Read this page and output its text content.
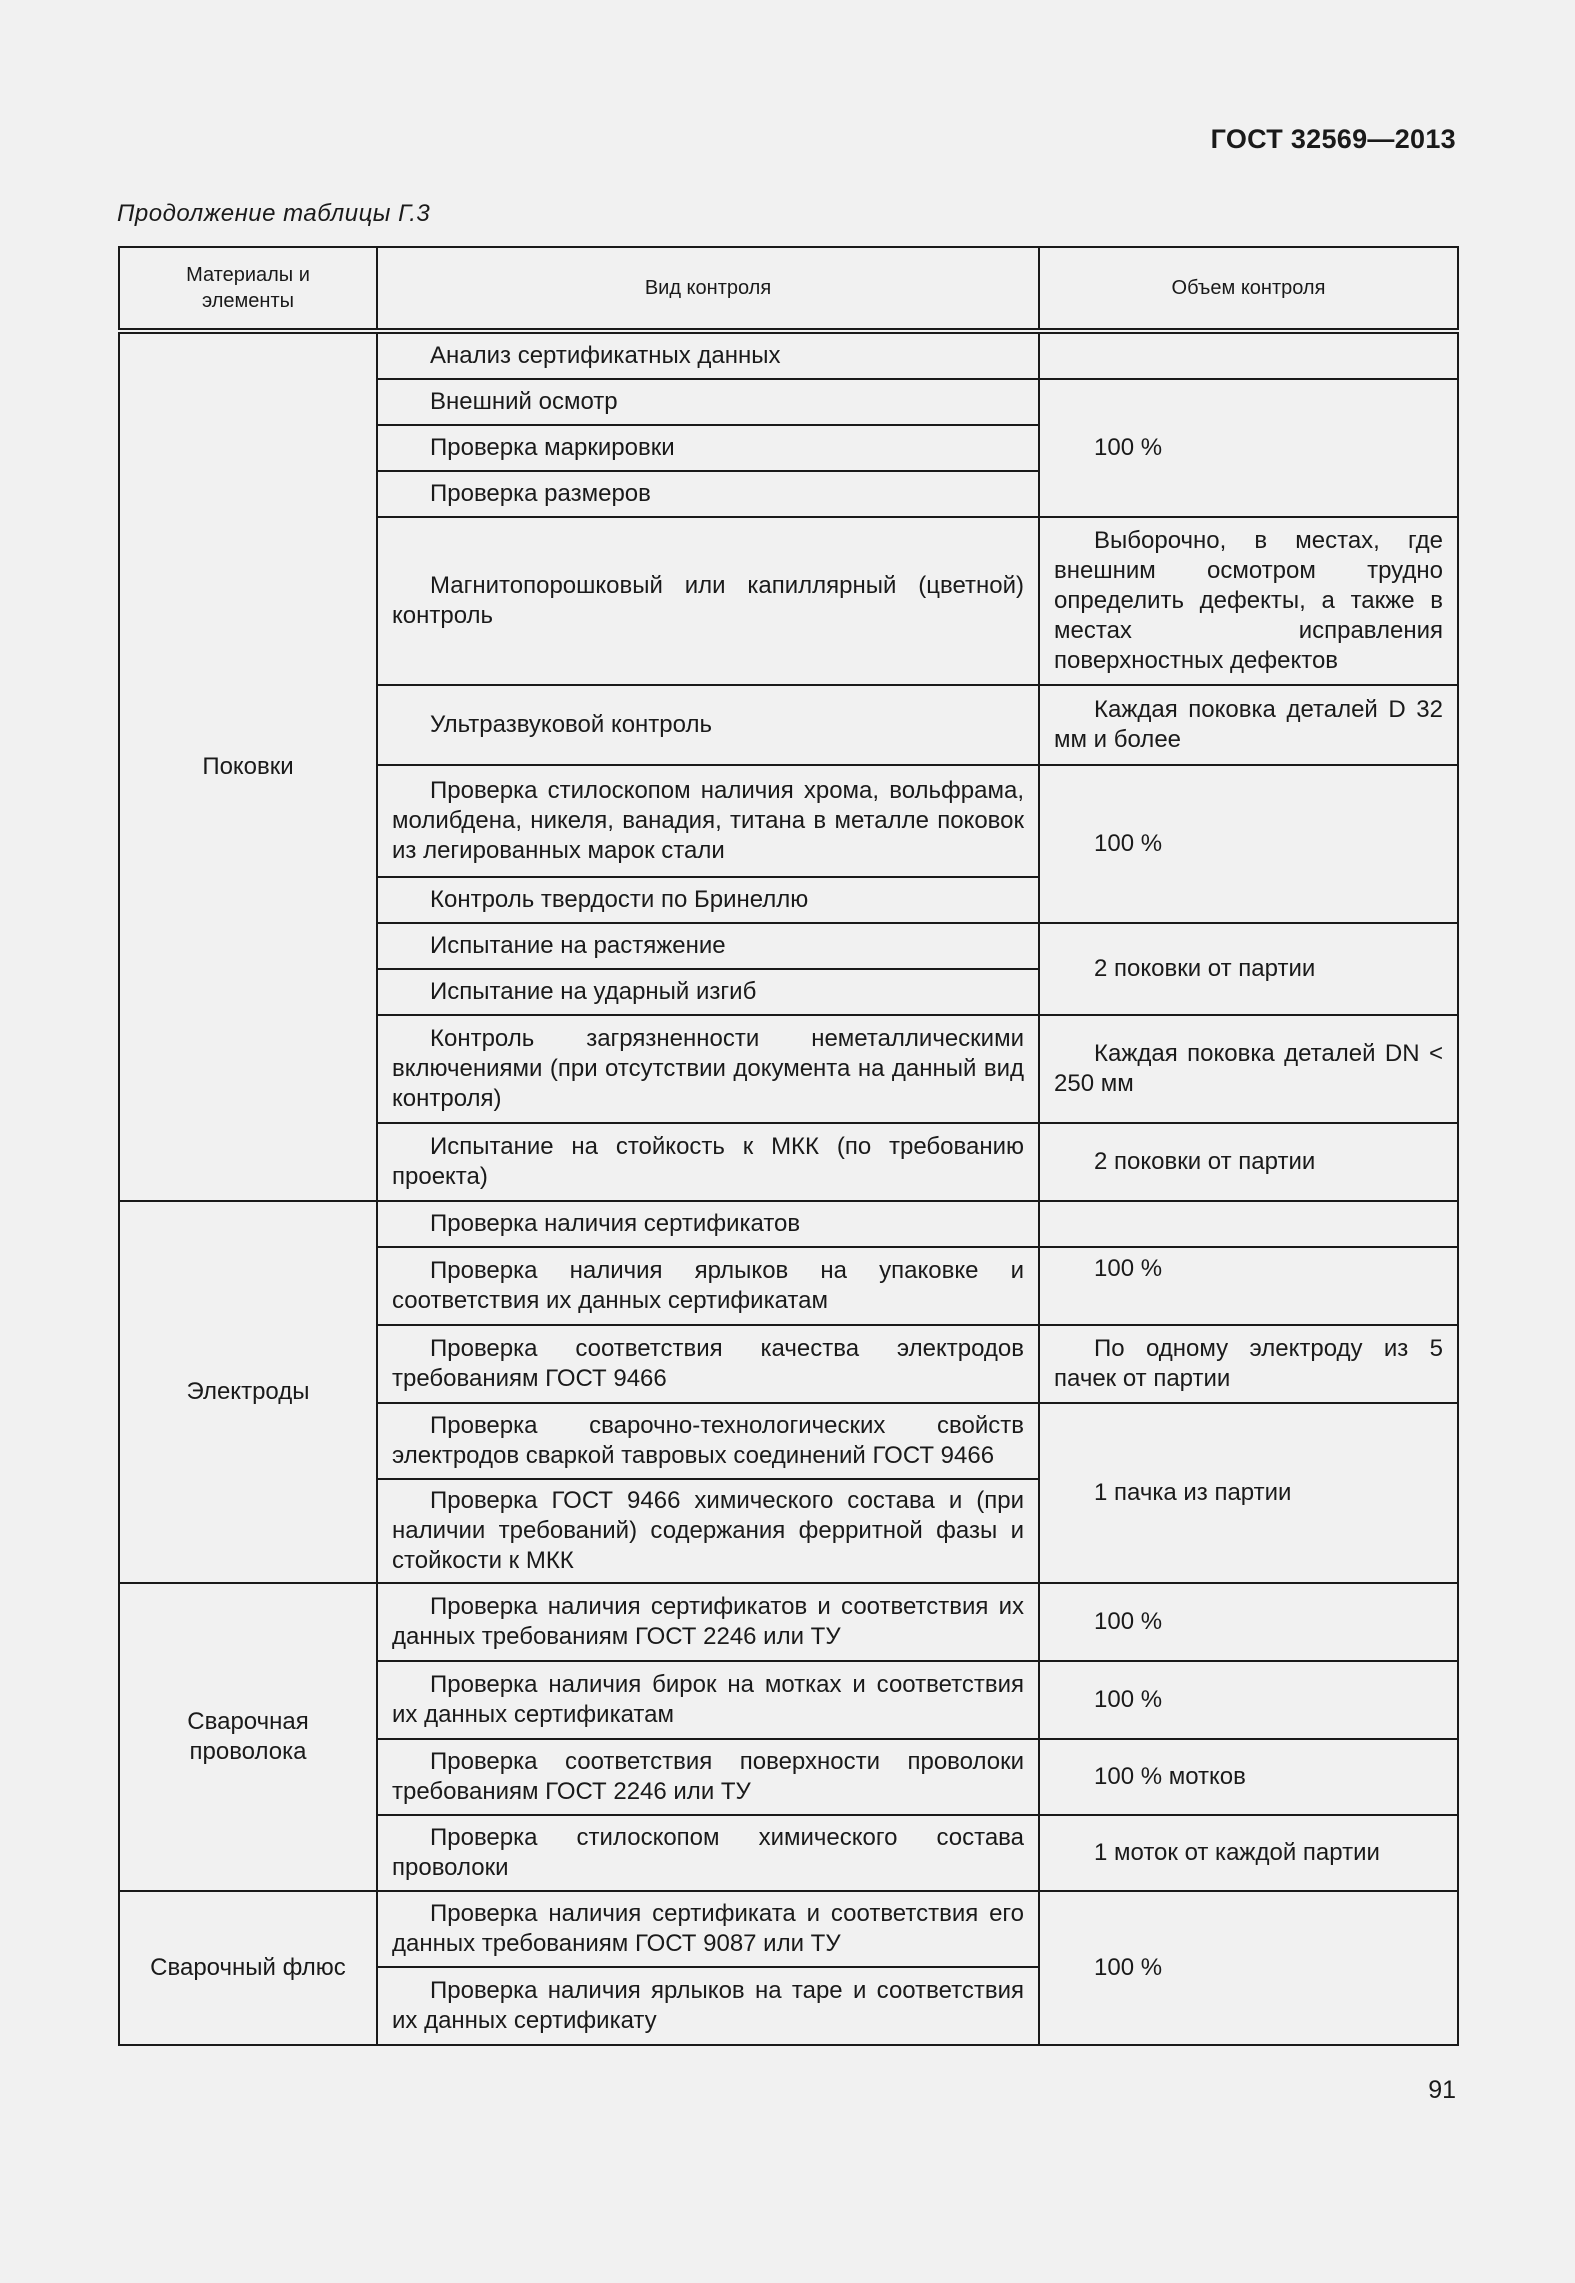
ГОСТ 32569—2013
Продолжение таблицы Г.3
Материалы и элементы	Вид контроля	Объем контроля
Поковки	Анализ сертификатных данных	

	Внешний осмотр	100 %

	Проверка маркировки	

	Проверка размеров	

	Магнитопорошковый или капиллярный (цветной) контроль	Выборочно, в местах, где внешним осмотром трудно определить дефекты, а также в местах исправления поверхностных дефектов

	Ультразвуковой контроль	Каждая поковка деталей D 32 мм и более

	Проверка стилоскопом наличия хрома, вольфрама, молибдена, никеля, ванадия, титана в металле поковок из легированных марок стали	100 %

	Контроль твердости по Бринеллю	

	Испытание на растяжение	2 поковки от партии

	Испытание на ударный изгиб	

	Контроль загрязненности неметаллическими включениями (при отсутствии документа на данный вид контроля)	Каждая поковка деталей DN < 250 мм

	Испытание на стойкость к МКК (по требованию проекта)	2 поковки от партии

Электроды	Проверка наличия сертификатов	

	Проверка наличия ярлыков на упаковке и соответствия их данных сертификатам	100 %

	Проверка соответствия качества электродов требованиям ГОСТ 9466	По одному электроду из 5 пачек от партии

	Проверка сварочно-технологических свойств электродов сваркой тавровых соединений ГОСТ 9466	1 пачка из партии

	Проверка ГОСТ 9466 химического состава и (при наличии требований) содержания ферритной фазы и стойкости к МКК	

Сварочная проволока	Проверка наличия сертификатов и соответствия их данных требованиям ГОСТ 2246 или ТУ	100 %

	Проверка наличия бирок на мотках и соответствия их данных сертификатам	100 %

	Проверка соответствия поверхности проволоки требованиям ГОСТ 2246 или ТУ	100 % мотков

	Проверка стилоскопом химического состава проволоки	1 моток от каждой партии

Сварочный флюс	Проверка наличия сертификата и соответствия его данных требованиям ГОСТ 9087 или ТУ	100 %

	Проверка наличия ярлыков на таре и соответствия их данных сертификату	
91
